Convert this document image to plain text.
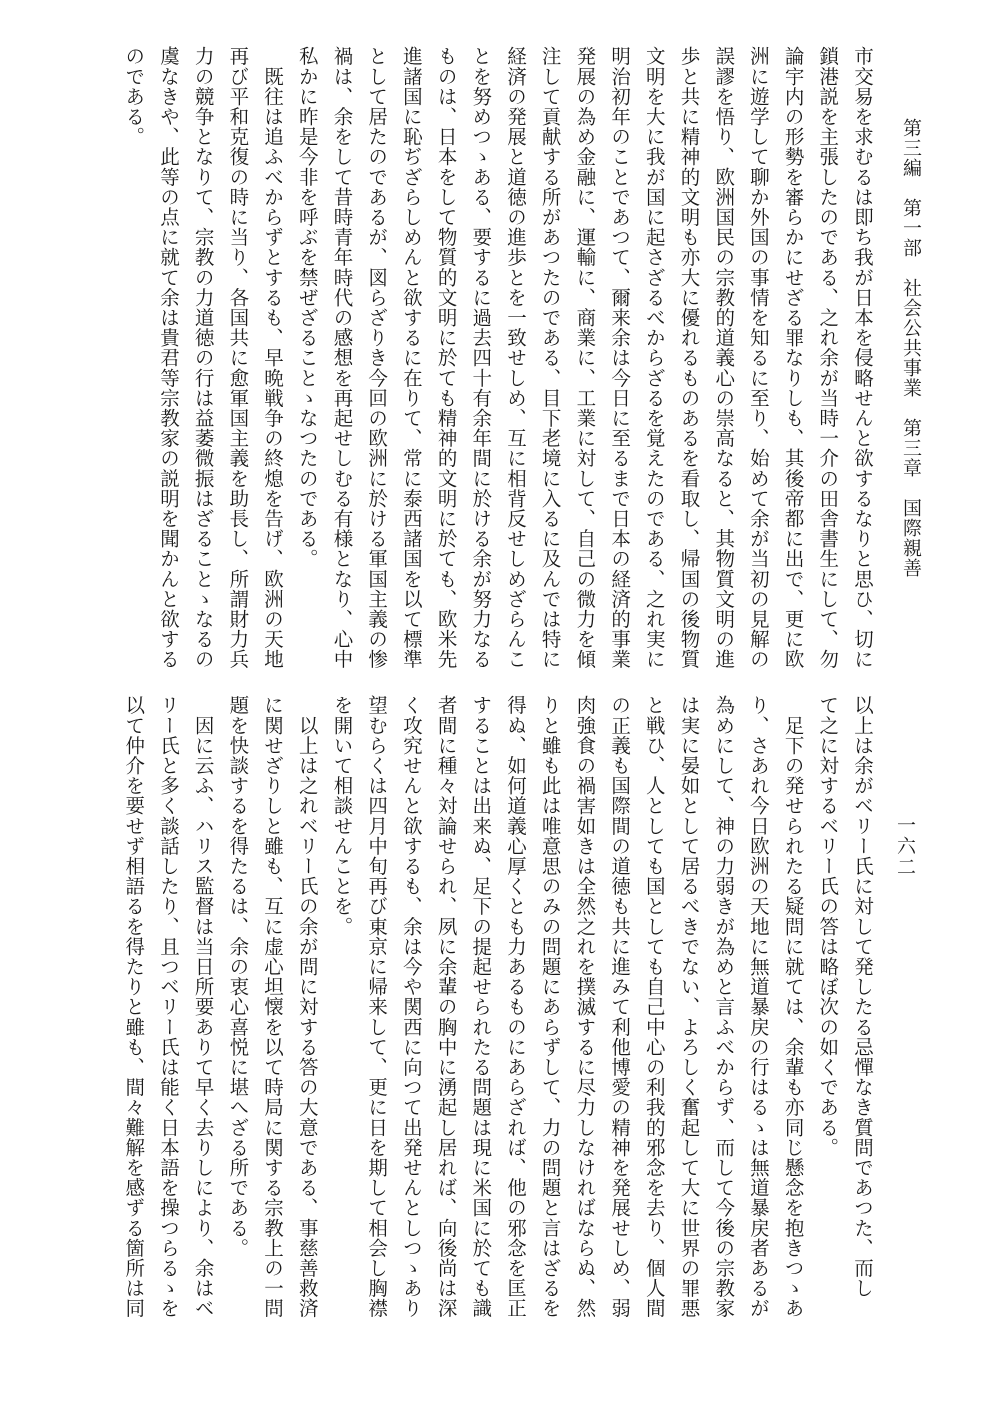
第三編　第一部　社会公共事業　第三章　国際親善
一六二
市交易を求むるは即ち我が日本を侵略せんと欲するなりと思ひ、切に
鎖港説を主張したのである、之れ余が当時一介の田舎書生にして、勿
論宇内の形勢を審らかにせざる罪なりしも、其後帝都に出で、更に欧
洲に遊学して聊か外国の事情を知るに至り、始めて余が当初の見解の
誤謬を悟り、欧洲国民の宗教的道義心の崇高なると、其物質文明の進
歩と共に精神的文明も亦大に優れるものあるを看取し、帰国の後物質
文明を大に我が国に起さざるべからざるを覚えたのである、之れ実に
明治初年のことであつて、爾来余は今日に至るまで日本の経済的事業
発展の為め金融に、運輸に、商業に、工業に対して、自己の微力を傾
注して貢献する所があつたのである、目下老境に入るに及んでは特に
経済の発展と道徳の進歩とを一致せしめ、互に相背反せしめざらんこ
とを努めつゝある、要するに過去四十有余年間に於ける余が努力なる
ものは、日本をして物質的文明に於ても精神的文明に於ても、欧米先
進諸国に恥ぢざらしめんと欲するに在りて、常に泰西諸国を以て標準
として居たのであるが、図らざりき今回の欧洲に於ける軍国主義の惨
禍は、余をして昔時青年時代の感想を再起せしむる有様となり、心中
私かに昨是今非を呼ぶを禁ぜざることゝなつたのである。
　既往は追ふべからずとするも、早晩戦争の終熄を告げ、欧洲の天地
再び平和克復の時に当り、各国共に愈軍国主義を助長し、所謂財力兵
力の競争となりて、宗教の力道徳の行は益萎微振はざることゝなるの
虞なきや、此等の点に就て余は貴君等宗教家の説明を聞かんと欲する
のである。
以上は余がベリー氏に対して発したる忌憚なき質問であつた、而し
て之に対するベリー氏の答は略ぼ次の如くである。
　足下の発せられたる疑問に就ては、余輩も亦同じ懸念を抱きつゝあ
り、さあれ今日欧洲の天地に無道暴戻の行はるゝは無道暴戻者あるが
為めにして、神の力弱きが為めと言ふべからず、而して今後の宗教家
は実に晏如として居るべきでない、よろしく奮起して大に世界の罪悪
と戦ひ、人としても国としても自己中心の利我的邪念を去り、個人間
の正義も国際間の道徳も共に進みて利他博愛の精神を発展せしめ、弱
肉強食の禍害如きは全然之れを撲滅するに尽力しなければならぬ、然
りと雖も此は唯意思のみの問題にあらずして、力の問題と言はざるを
得ぬ、如何道義心厚くとも力あるものにあらざれば、他の邪念を匡正
することは出来ぬ、足下の提起せられたる問題は現に米国に於ても識
者間に種々対論せられ、夙に余輩の胸中に湧起し居れば、向後尚は深
く攻究せんと欲するも、余は今や関西に向つて出発せんとしつゝあり
望むらくは四月中旬再び東京に帰来して、更に日を期して相会し胸襟
を開いて相談せんことを。
　以上は之れベリー氏の余が問に対する答の大意である、事慈善救済
に関せざりしと雖も、互に虚心坦懐を以て時局に関する宗教上の一問
題を快談するを得たるは、余の衷心喜悦に堪へざる所である。
　因に云ふ、ハリス監督は当日所要ありて早く去りしにより、余はベ
リー氏と多く談話したり、且つベリー氏は能く日本語を操つらるゝを
以て仲介を要せず相語るを得たりと雖も、間々難解を感ずる箇所は同
